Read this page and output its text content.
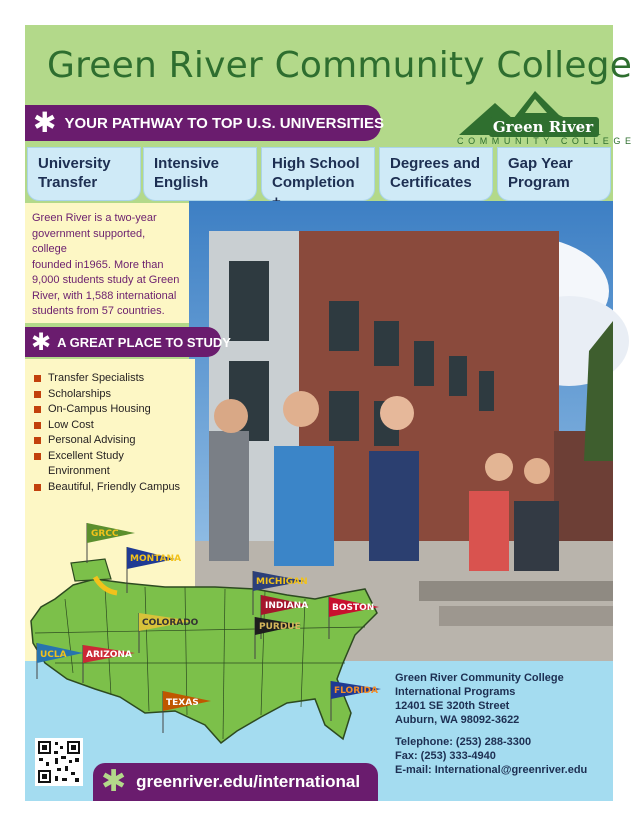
Green River Community College
✱ YOUR PATHWAY TO TOP U.S. UNIVERSITIES	Green River
COMMUNITY COLLEGE
University
Transfer
Intensive
English
High School
Completion
Degrees and
Certificates
Gap Year
Program
Green River is a two-year
government supported, college
founded in1965. More than
9,000 students study at Green
River, with 1,588 international
students from 57 countries.
✱ A GREAT PLACE TO STUDY
Transfer Specialists
Scholarships
On-Campus Housing
Low Cost
Personal Advising
Excellent Study Environment
Beautiful, Friendly Campus
GRCC
MONTANA
COLORADO
UCLA ARIZONA
MICHIGAN
INDIANA
PURDUE
BOSTON
TEXAS
FLORIDA
Green River Community College
International Programs
12401 SE 320th Street
Auburn, WA 98092-3622
Telephone: (253) 288-3300
Fax: (253) 333-4940
E-mail: International@greenriver.edu
✱ greenriver.edu/international
